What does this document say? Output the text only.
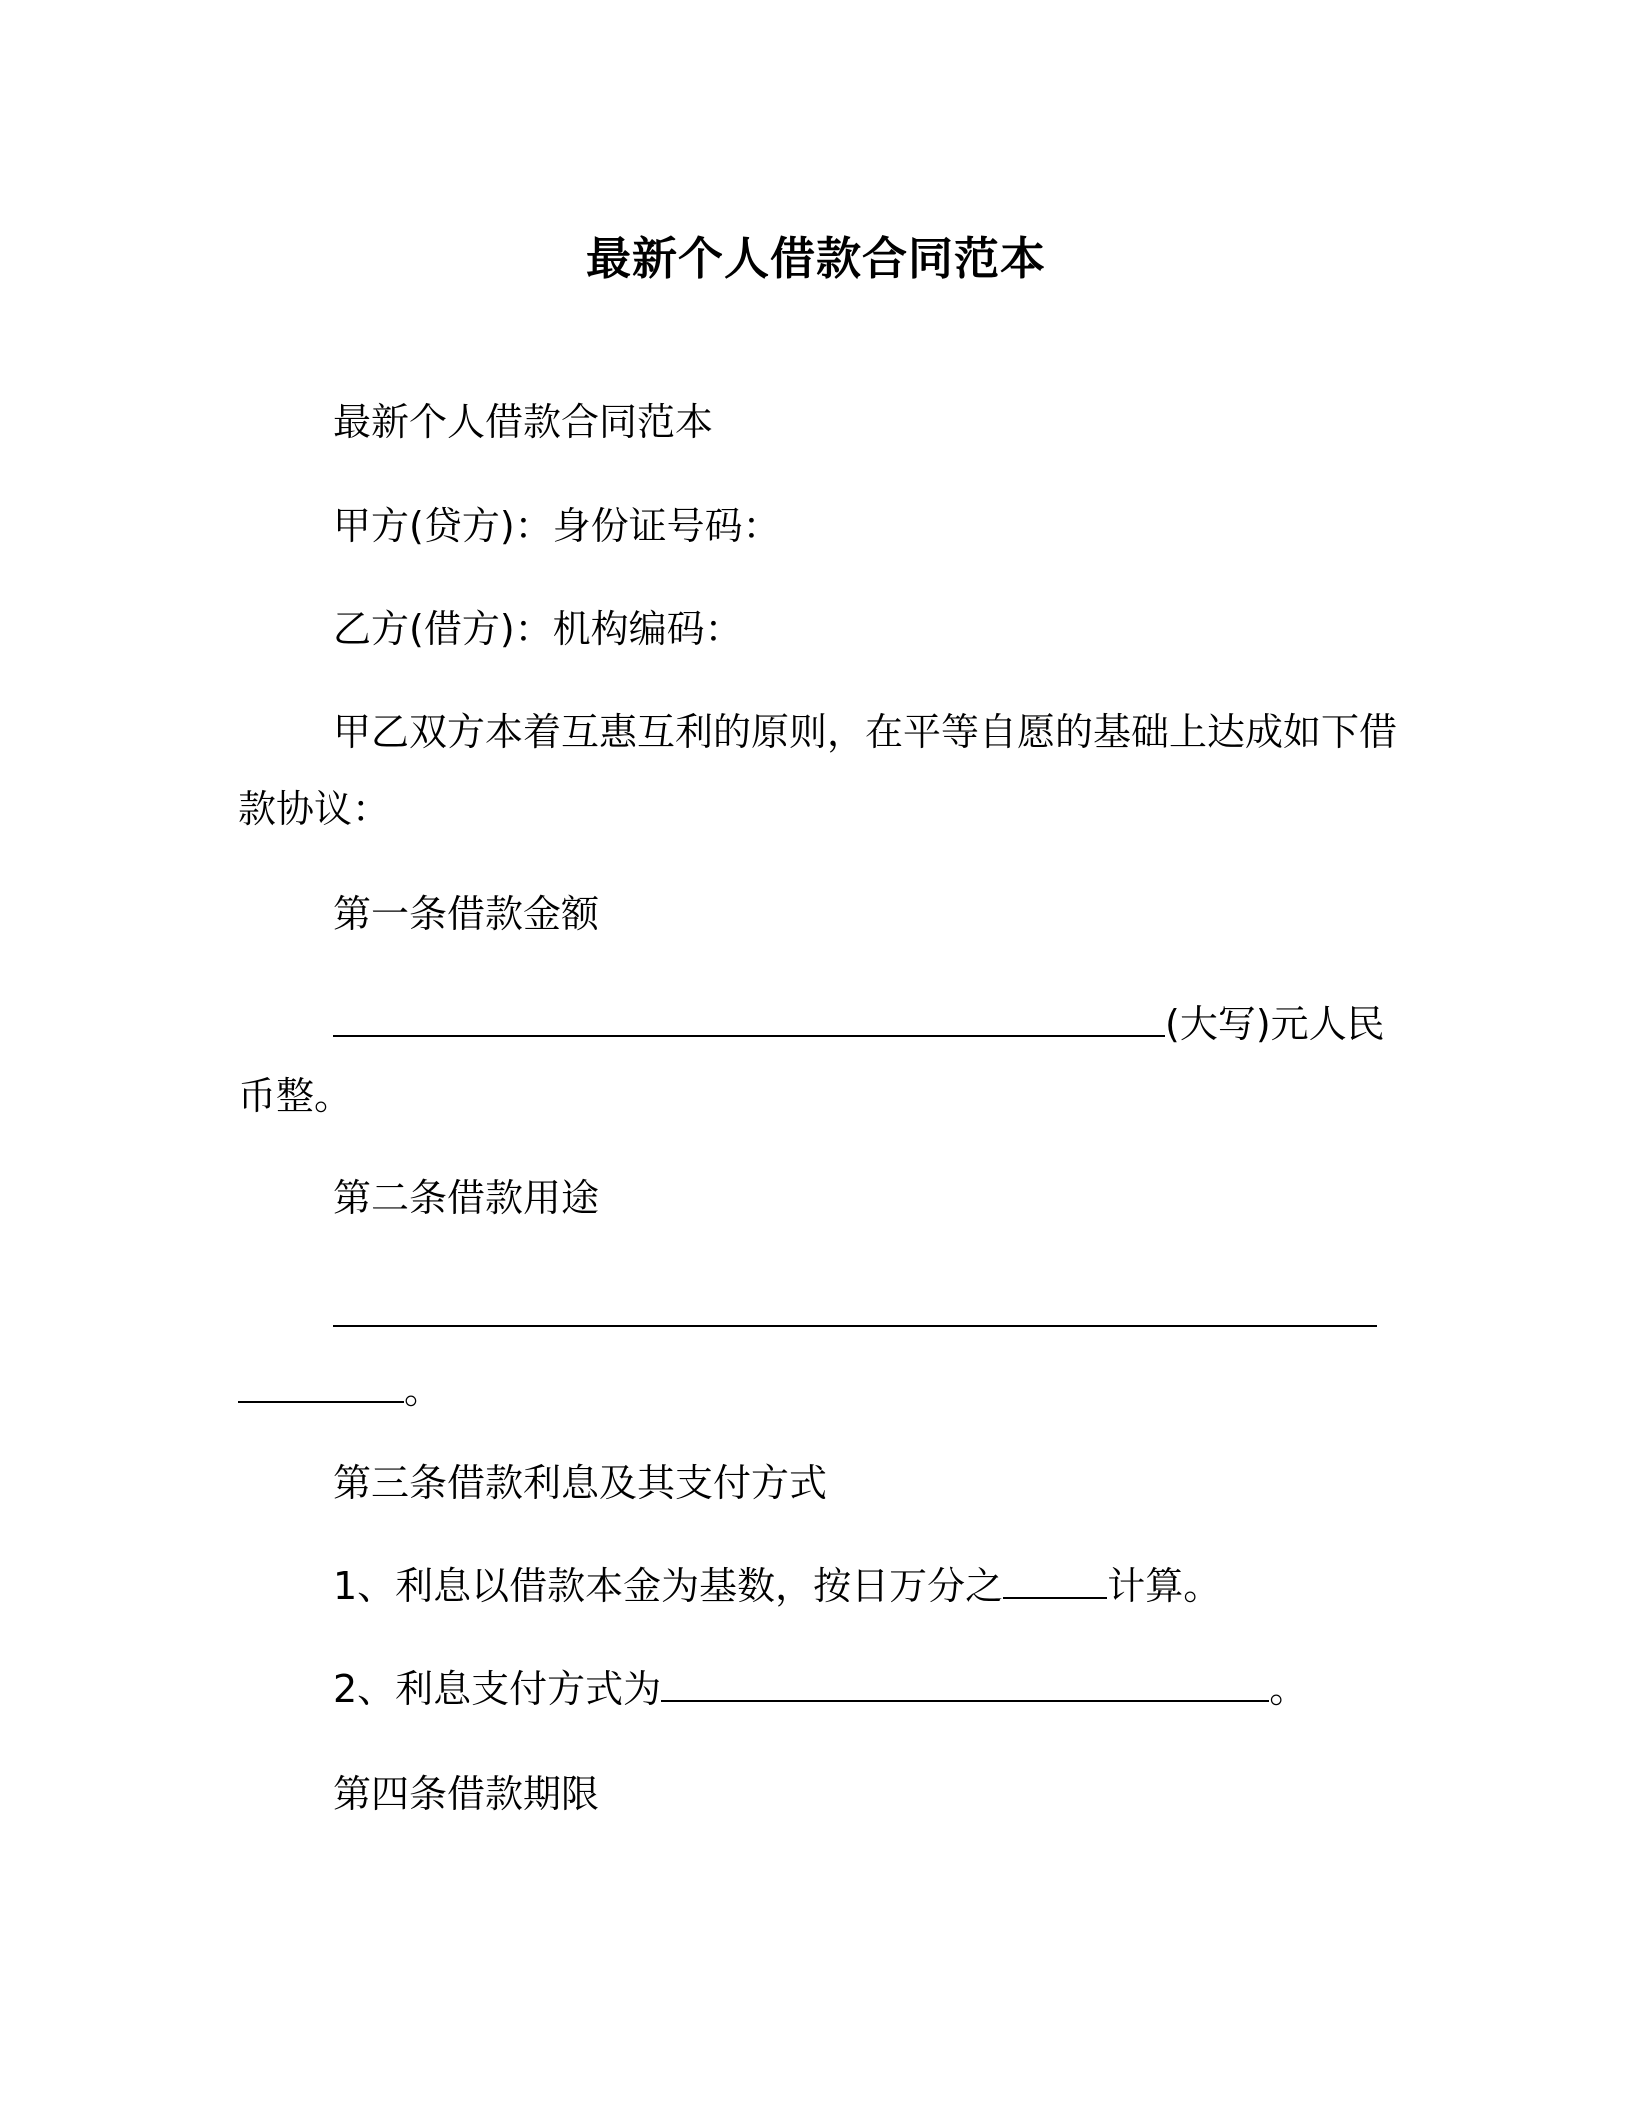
最新个人借款合同范本
最新个人借款合同范本
甲方(贷方)：身份证号码：
乙方(借方)：机构编码：
甲乙双方本着互惠互利的原则，在平等自愿的基础上达成如下借
款协议：
第一条借款金额
(大写)元人民
币整。
第二条借款用途
。
第三条借款利息及其支付方式
1、利息以借款本金为基数，按日万分之	计算。
2、利息支付方式为	。
第四条借款期限
